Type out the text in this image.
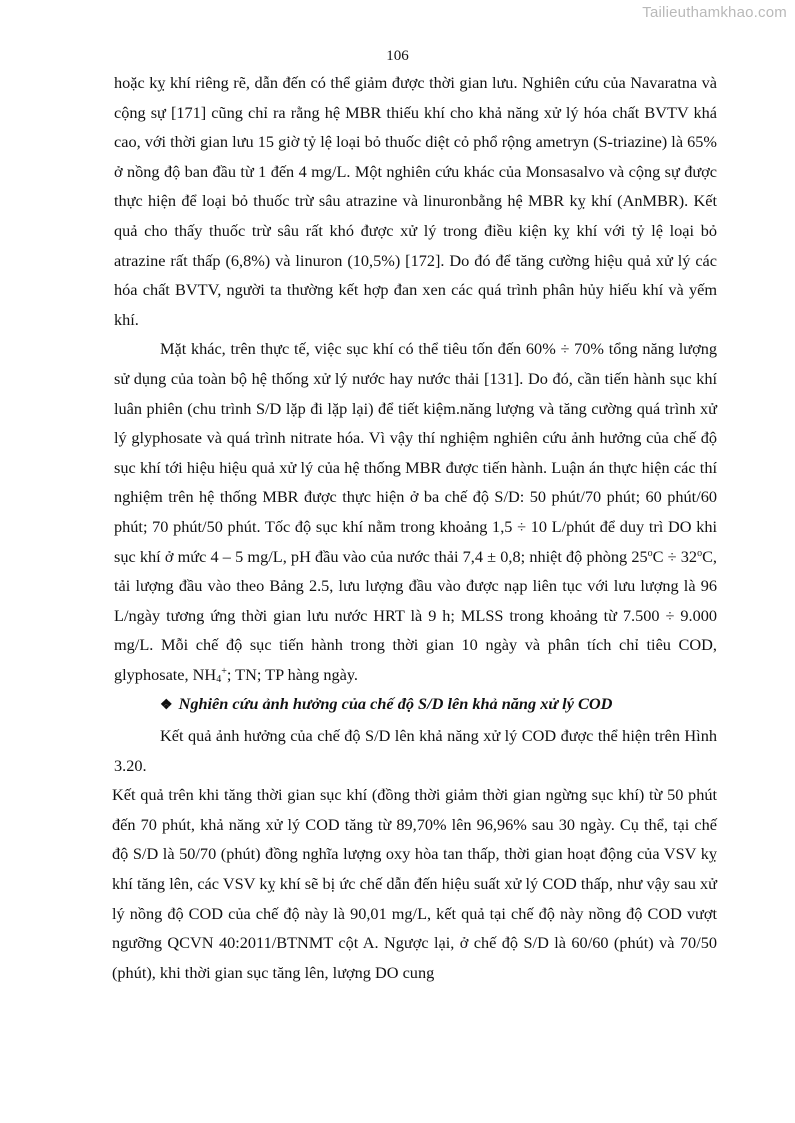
Tailieuthamkhao.com
106

hoặc kỵ khí riêng rẽ, dẫn đến có thể giảm được thời gian lưu. Nghiên cứu của Navaratna và cộng sự [171] cũng chỉ ra rằng hệ MBR thiếu khí cho khả năng xử lý hóa chất BVTV khá cao, với thời gian lưu 15 giờ tỷ lệ loại bỏ thuốc diệt cỏ phổ rộng ametryn (S-triazine) là 65% ở nồng độ ban đầu từ 1 đến 4 mg/L. Một nghiên cứu khác của Monsasalvo và cộng sự được thực hiện để loại bỏ thuốc trừ sâu atrazine và linuronbằng hệ MBR kỵ khí (AnMBR). Kết quả cho thấy thuốc trừ sâu rất khó được xử lý trong điều kiện kỵ khí với tỷ lệ loại bỏ atrazine rất thấp (6,8%) và linuron (10,5%) [172]. Do đó để tăng cường hiệu quả xử lý các hóa chất BVTV, người ta thường kết hợp đan xen các quá trình phân hủy hiếu khí và yếm khí.

Mặt khác, trên thực tế, việc sục khí có thể tiêu tốn đến 60% ÷ 70% tổng năng lượng sử dụng của toàn bộ hệ thống xử lý nước hay nước thải [131]. Do đó, cần tiến hành sục khí luân phiên (chu trình S/D lặp đi lặp lại) để tiết kiệm.năng lượng và tăng cường quá trình xử lý glyphosate và quá trình nitrate hóa. Vì vậy thí nghiệm nghiên cứu ảnh hưởng của chế độ sục khí tới hiệu hiệu quả xử lý của hệ thống MBR được tiến hành. Luận án thực hiện các thí nghiệm trên hệ thống MBR được thực hiện ở ba chế độ S/D: 50 phút/70 phút; 60 phút/60 phút; 70 phút/50 phút. Tốc độ sục khí nằm trong khoảng 1,5 ÷ 10 L/phút để duy trì DO khi sục khí ở mức 4 – 5 mg/L, pH đầu vào của nước thải 7,4 ± 0,8; nhiệt độ phòng $25^oC \div 32^oC$, tải lượng đầu vào theo Bảng 2.5, lưu lượng đầu vào được nạp liên tục với lưu lượng là 96 L/ngày tương ứng thời gian lưu nước HRT là 9 h; MLSS trong khoảng từ 7.500 ÷ 9.000 mg/L. Mỗi chế độ sục tiến hành trong thời gian 10 ngày và phân tích chỉ tiêu COD, glyphosate, $NH_4^+$; TN; TP hàng ngày.

❖ Nghiên cứu ảnh hưởng của chế độ S/D lên khả năng xử lý COD

Kết quả ảnh hưởng của chế độ S/D lên khả năng xử lý COD được thể hiện trên Hình 3.20.

Kết quả trên khi tăng thời gian sục khí (đồng thời giảm thời gian ngừng sục khí) từ 50 phút đến 70 phút, khả năng xử lý COD tăng từ 89,70% lên 96,96% sau 30 ngày. Cụ thể, tại chế độ S/D là 50/70 (phút) đồng nghĩa lượng oxy hòa tan thấp, thời gian hoạt động của VSV kỵ khí tăng lên, các VSV kỵ khí sẽ bị ức chế dẫn đến hiệu suất xử lý COD thấp, như vậy sau xử lý nồng độ COD của chế độ này là 90,01 mg/L, kết quả tại chế độ này nồng độ COD vượt ngưỡng QCVN 40:2011/BTNMT cột A. Ngược lại, ở chế độ S/D là 60/60 (phút) và 70/50 (phút), khi thời gian sục tăng lên, lượng DO cung
